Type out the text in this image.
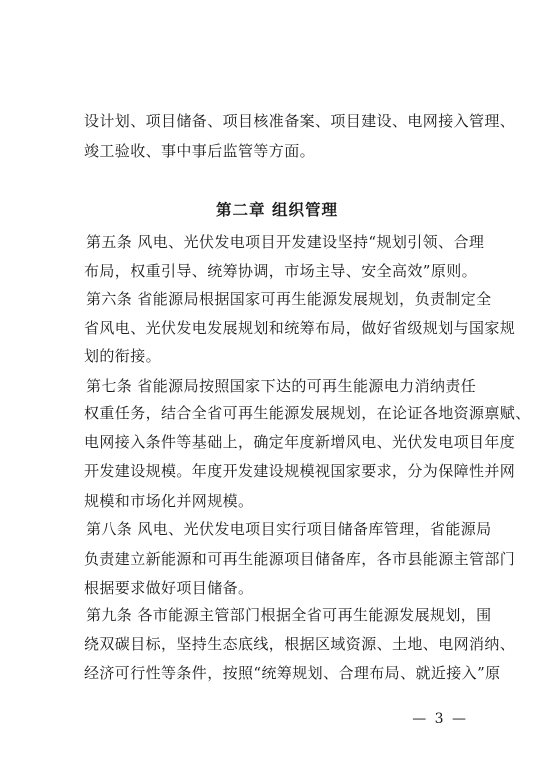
设计划、项目储备、项目核准备案、项目建设、电网接入管理、
竣工验收、事中事后监管等方面。
第二章 组织管理
第五条 风电、光伏发电项目开发建设坚持“规划引领、合理
布局，权重引导、统筹协调，市场主导、安全高效”原则。
第六条 省能源局根据国家可再生能源发展规划，负责制定全
省风电、光伏发电发展规划和统筹布局，做好省级规划与国家规
划的衔接。
第七条 省能源局按照国家下达的可再生能源电力消纳责任
权重任务，结合全省可再生能源发展规划，在论证各地资源禀赋、
电网接入条件等基础上，确定年度新增风电、光伏发电项目年度
开发建设规模。年度开发建设规模视国家要求，分为保障性并网
规模和市场化并网规模。
第八条 风电、光伏发电项目实行项目储备库管理，省能源局
负责建立新能源和可再生能源项目储备库，各市县能源主管部门
根据要求做好项目储备。
第九条 各市能源主管部门根据全省可再生能源发展规划，围
绕双碳目标，坚持生态底线，根据区域资源、土地、电网消纳、
经济可行性等条件，按照“统筹规划、合理布局、就近接入”原
— 3 —
